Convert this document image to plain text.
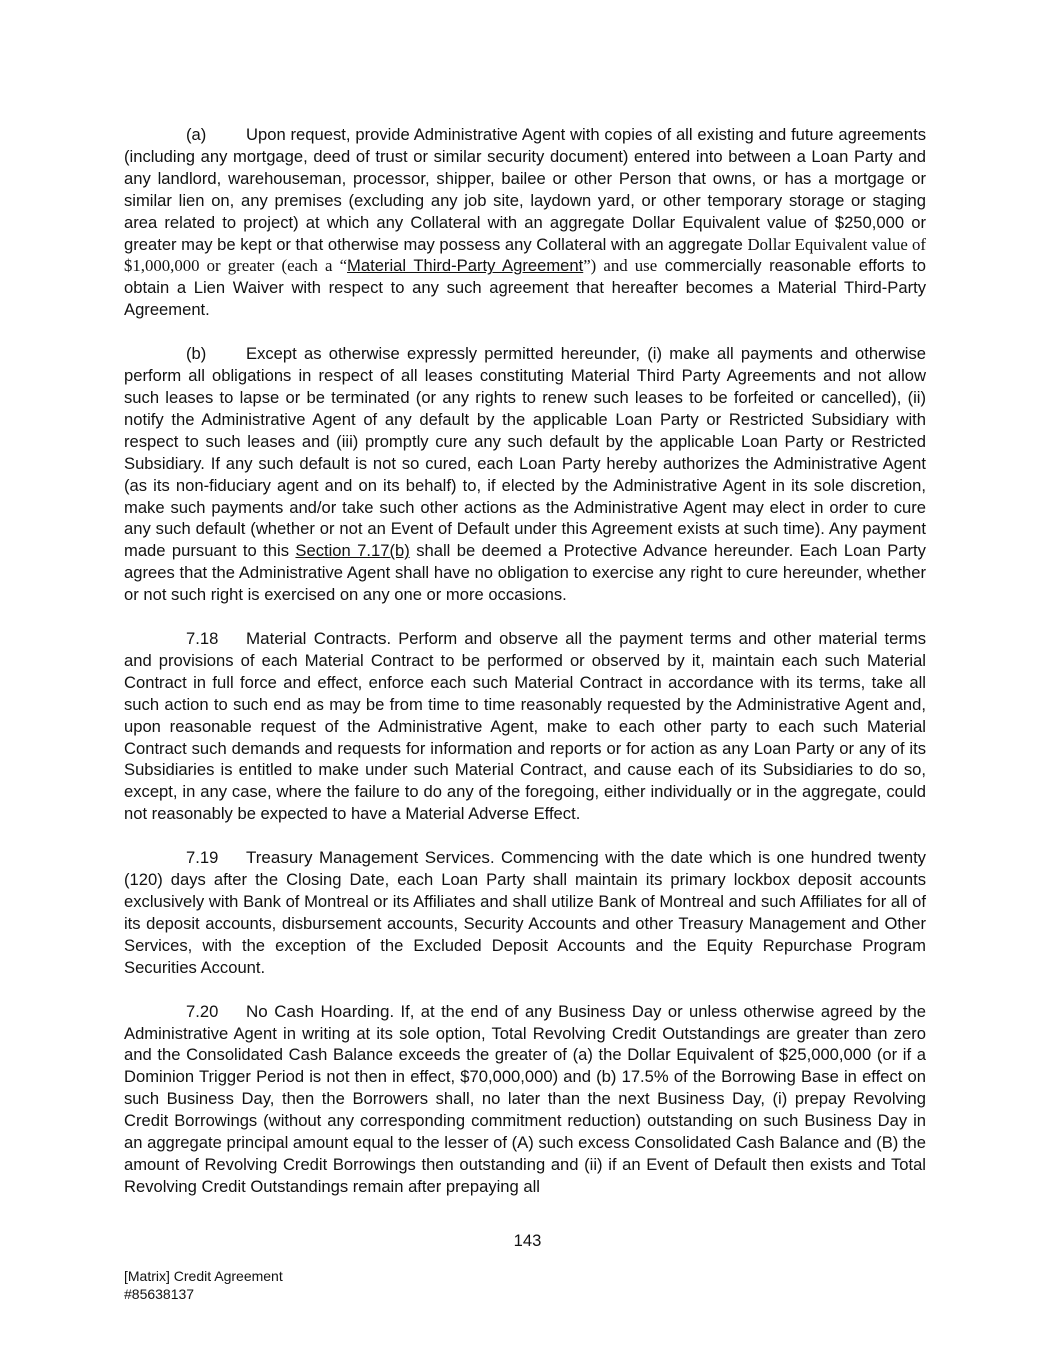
(a) Upon request, provide Administrative Agent with copies of all existing and future agreements (including any mortgage, deed of trust or similar security document) entered into between a Loan Party and any landlord, warehouseman, processor, shipper, bailee or other Person that owns, or has a mortgage or similar lien on, any premises (excluding any job site, laydown yard, or other temporary storage or staging area related to project) at which any Collateral with an aggregate Dollar Equivalent value of $250,000 or greater may be kept or that otherwise may possess any Collateral with an aggregate Dollar Equivalent value of $1,000,000 or greater (each a “Material Third-Party Agreement”) and use commercially reasonable efforts to obtain a Lien Waiver with respect to any such agreement that hereafter becomes a Material Third-Party Agreement.

(b) Except as otherwise expressly permitted hereunder, (i) make all payments and otherwise perform all obligations in respect of all leases constituting Material Third Party Agreements and not allow such leases to lapse or be terminated (or any rights to renew such leases to be forfeited or cancelled), (ii) notify the Administrative Agent of any default by the applicable Loan Party or Restricted Subsidiary with respect to such leases and (iii) promptly cure any such default by the applicable Loan Party or Restricted Subsidiary. If any such default is not so cured, each Loan Party hereby authorizes the Administrative Agent (as its non-fiduciary agent and on its behalf) to, if elected by the Administrative Agent in its sole discretion, make such payments and/or take such other actions as the Administrative Agent may elect in order to cure any such default (whether or not an Event of Default under this Agreement exists at such time). Any payment made pursuant to this Section 7.17(b) shall be deemed a Protective Advance hereunder. Each Loan Party agrees that the Administrative Agent shall have no obligation to exercise any right to cure hereunder, whether or not such right is exercised on any one or more occasions.

7.18 Material Contracts. Perform and observe all the payment terms and other material terms and provisions of each Material Contract to be performed or observed by it, maintain each such Material Contract in full force and effect, enforce each such Material Contract in accordance with its terms, take all such action to such end as may be from time to time reasonably requested by the Administrative Agent and, upon reasonable request of the Administrative Agent, make to each other party to each such Material Contract such demands and requests for information and reports or for action as any Loan Party or any of its Subsidiaries is entitled to make under such Material Contract, and cause each of its Subsidiaries to do so, except, in any case, where the failure to do any of the foregoing, either individually or in the aggregate, could not reasonably be expected to have a Material Adverse Effect.

7.19 Treasury Management Services. Commencing with the date which is one hundred twenty (120) days after the Closing Date, each Loan Party shall maintain its primary lockbox deposit accounts exclusively with Bank of Montreal or its Affiliates and shall utilize Bank of Montreal and such Affiliates for all of its deposit accounts, disbursement accounts, Security Accounts and other Treasury Management and Other Services, with the exception of the Excluded Deposit Accounts and the Equity Repurchase Program Securities Account.

7.20 No Cash Hoarding. If, at the end of any Business Day or unless otherwise agreed by the Administrative Agent in writing at its sole option, Total Revolving Credit Outstandings are greater than zero and the Consolidated Cash Balance exceeds the greater of (a) the Dollar Equivalent of $25,000,000 (or if a Dominion Trigger Period is not then in effect, $70,000,000) and (b) 17.5% of the Borrowing Base in effect on such Business Day, then the Borrowers shall, no later than the next Business Day, (i) prepay Revolving Credit Borrowings (without any corresponding commitment reduction) outstanding on such Business Day in an aggregate principal amount equal to the lesser of (A) such excess Consolidated Cash Balance and (B) the amount of Revolving Credit Borrowings then outstanding and (ii) if an Event of Default then exists and Total Revolving Credit Outstandings remain after prepaying all

143
[Matrix] Credit Agreement
#85638137
